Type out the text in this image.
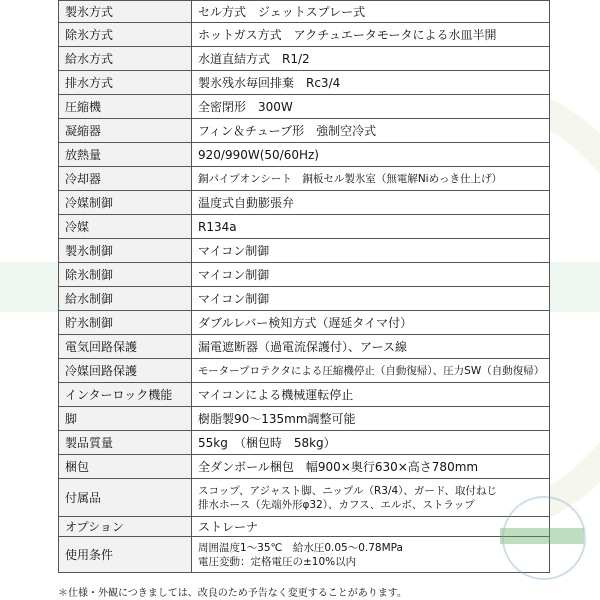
製氷方式	セル方式　ジェットスプレー式

除氷方式	ホットガス方式　アクチュエータモータによる水皿半開

給水方式	水道直結方式　R1/2

排水方式	製氷残水毎回排棄　Rc3/4

圧縮機	全密閉形　300W

凝縮器	フィン＆チューブ形　強制空冷式

放熱量	920/990W(50/60Hz)

冷却器	銅パイプオンシート　銅板セル製氷室（無電解Niめっき仕上げ）

冷媒制御	温度式自動膨張弁

冷媒	R134a

製氷制御	マイコン制御

除氷制御	マイコン制御

給水制御	マイコン制御

貯氷制御	ダブルレバー検知方式（遅延タイマ付）

電気回路保護	漏電遮断器（過電流保護付）、アース線

冷媒回路保護	モータープロテクタによる圧縮機停止（自動復帰）、圧力SW（自動復帰）

インターロック機能	マイコンによる機械運転停止

脚	樹脂製90～135mm調整可能

製品質量	55kg　（梱包時　58kg）

梱包	全ダンボール梱包　幅900×奥行630×高さ780mm

付属品	スコップ、アジャスト脚、ニップル（R3/4）、ガード、取付ねじ
排水ホース（先端外形φ32）、カフス、エルボ、ストラップ

オプション	ストレーナ

使用条件	周囲温度1～35℃　給水圧0.05～0.78MPa
電圧変動：定格電圧の±10%以内
＊仕様・外観につきましては、改良のため予告なく変更することがあります。
